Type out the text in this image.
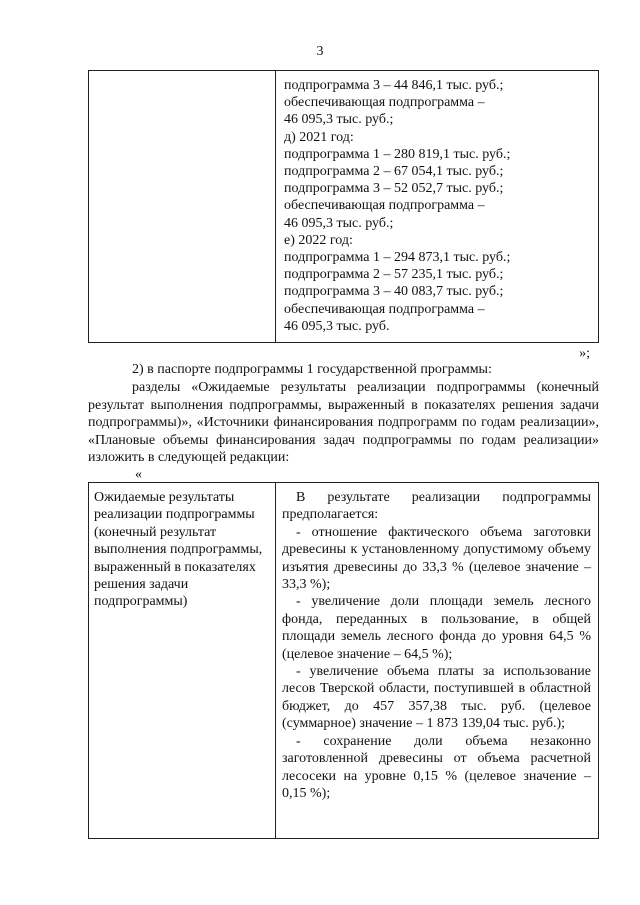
3
подпрограмма 3 – 44 846,1 тыс. руб.;
обеспечивающая подпрограмма –
46 095,3 тыс. руб.;
д) 2021 год:
подпрограмма 1 – 280 819,1 тыс. руб.;
подпрограмма 2 – 67 054,1 тыс. руб.;
подпрограмма 3 – 52 052,7 тыс. руб.;
обеспечивающая подпрограмма –
46 095,3 тыс. руб.;
е) 2022 год:
подпрограмма 1 – 294 873,1 тыс. руб.;
подпрограмма 2 – 57 235,1 тыс. руб.;
подпрограмма 3 – 40 083,7 тыс. руб.;
обеспечивающая подпрограмма –
46 095,3 тыс. руб.
»;
2) в паспорте подпрограммы 1 государственной программы:
разделы «Ожидаемые результаты реализации подпрограммы (конечный результат выполнения подпрограммы, выраженный в показателях решения задачи подпрограммы)», «Источники финансирования подпрограмм по годам реализации», «Плановые объемы финансирования задач подпрограммы по годам реализации» изложить в следующей редакции:
«
Ожидаемые результаты
реализации подпрограммы
(конечный результат
выполнения подпрограммы,
выраженный в показателях
решения задачи
подпрограммы)

В результате реализации подпрограммы предполагается:

- отношение фактического объема заготовки древесины к установленному допустимому объему изъятия древесины до 33,3 % (целевое значение – 33,3 %);

- увеличение доли площади земель лесного фонда, переданных в пользование, в общей площади земель лесного фонда до уровня 64,5 % (целевое значение – 64,5 %);

- увеличение объема платы за использование лесов Тверской области, поступившей в областной бюджет, до 457 357,38 тыс. руб. (целевое (суммарное) значение – 1 873 139,04 тыс. руб.);

- сохранение доли объема незаконно заготовленной древесины от объема расчетной лесосеки на уровне 0,15 % (целевое значение – 0,15 %);
